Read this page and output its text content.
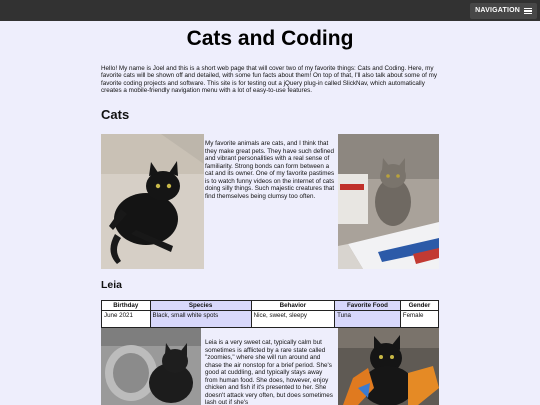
NAVIGATION
Cats and Coding

Hello! My name is Joel and this is a short web page that will cover two of my favorite things: Cats and Coding. Here, my favorite cats will be shown off and detailed, with some fun facts about them! On top of that, I'll also talk about some of my favorite coding projects and software. This site is for testing out a jQuery plug-in called SlickNav, which automatically creates a mobile-friendly navigation menu with a lot of easy-to-use features.

Cats

My favorite animals are cats, and I think that they make great pets. They have such defined and vibrant personalities with a real sense of familiarity. Strong bonds can form between a cat and its owner. One of my favorite pastimes is to watch funny videos on the internet of cats doing silly things. Such majestic creatures that find themselves being clumsy too often.

Leia
Birthday	Species	Behavior	Favorite Food	Gender
June 2021	Black, small white spots	Nice, sweet, sleepy	Tuna	Female

Leia is a very sweet cat, typically calm but sometimes is afflicted by a rare state called "zoomies," where she will run around and chase the air nonstop for a brief period. She's good at cuddling, and typically stays away from human food. She does, however, enjoy chicken and fish if it's presented to her. She doesn't attack very often, but does sometimes lash out if she's
